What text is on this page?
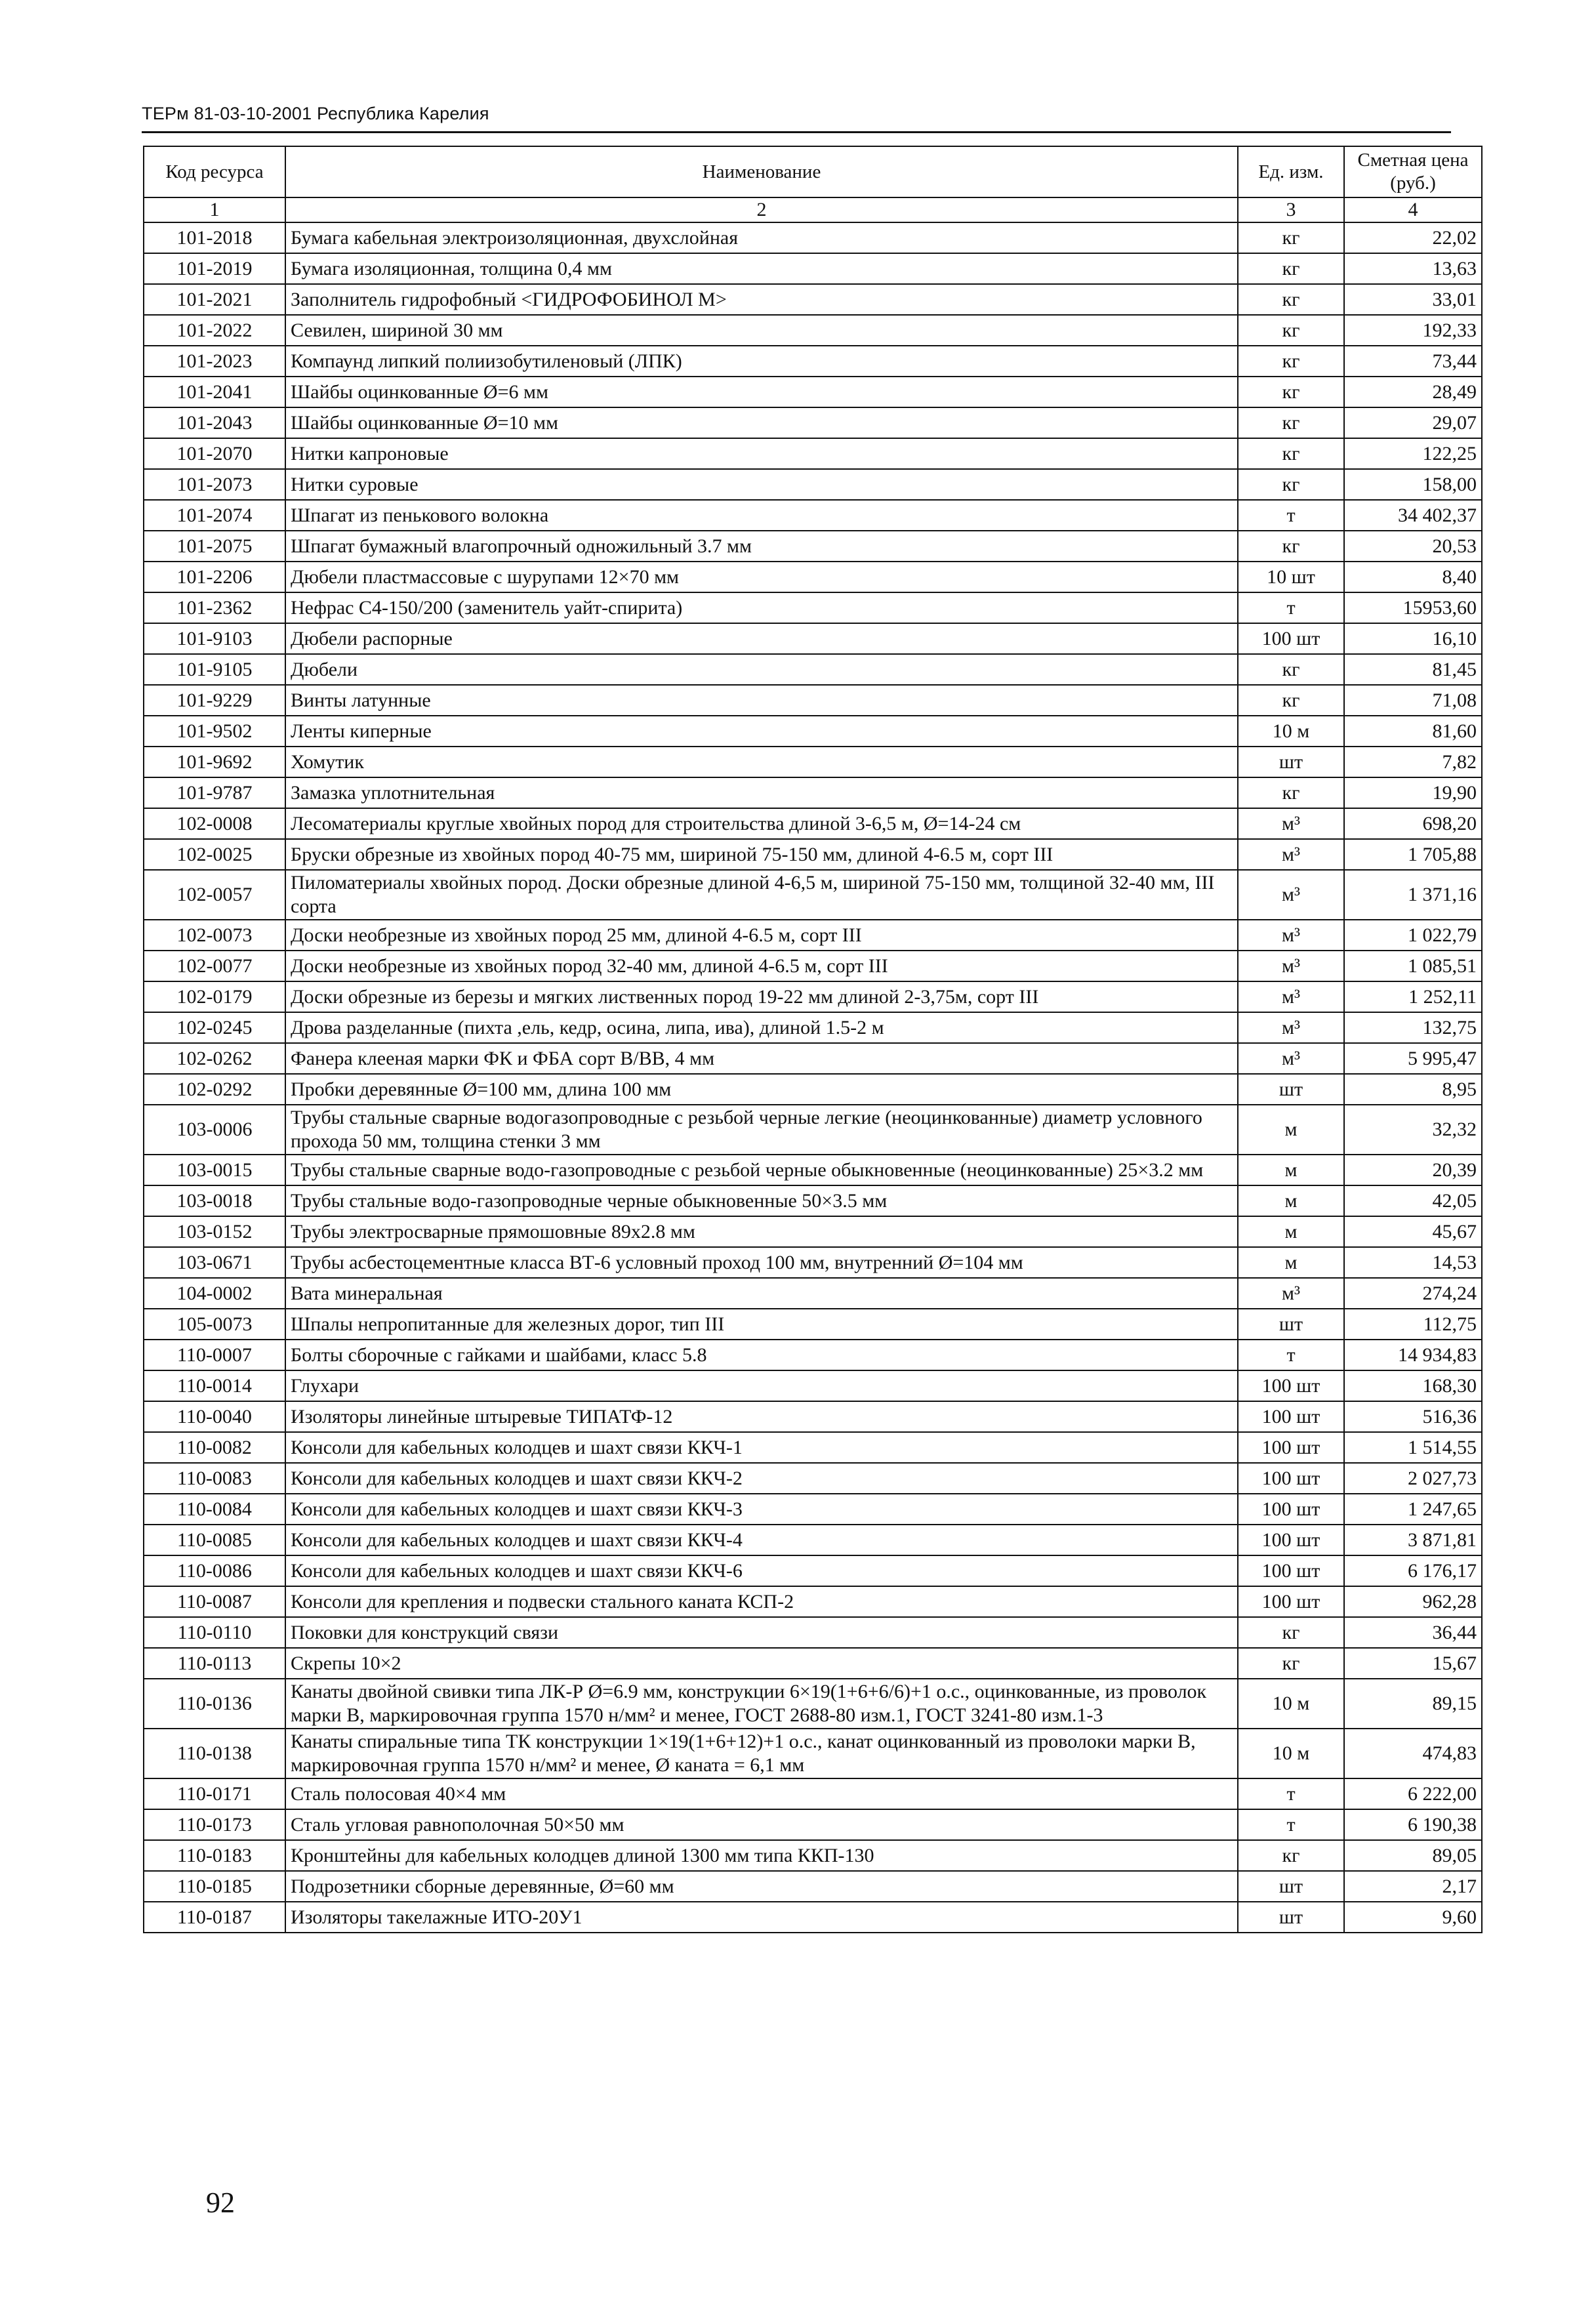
ТЕРм 81-03-10-2001 Республика Карелия
Код ресурса	Наименование	Ед. изм.	Сметная цена (руб.)
1	2	3	4
101-2018	Бумага кабельная электроизоляционная, двухслойная	кг	22,02
101-2019	Бумага изоляционная, толщина 0,4 мм	кг	13,63
101-2021	Заполнитель гидрофобный <ГИДРОФОБИНОЛ М>	кг	33,01
101-2022	Севилен, шириной 30 мм	кг	192,33
101-2023	Компаунд липкий полиизобутиленовый (ЛПК)	кг	73,44
101-2041	Шайбы оцинкованные Ø=6 мм	кг	28,49
101-2043	Шайбы оцинкованные Ø=10 мм	кг	29,07
101-2070	Нитки капроновые	кг	122,25
101-2073	Нитки суровые	кг	158,00
101-2074	Шпагат из пенькового волокна	т	34 402,37
101-2075	Шпагат бумажный влагопрочный одножильный 3.7 мм	кг	20,53
101-2206	Дюбели пластмассовые с шурупами 12×70 мм	10 шт	8,40
101-2362	Нефрас С4-150/200 (заменитель уайт-спирита)	т	15953,60
101-9103	Дюбели распорные	100 шт	16,10
101-9105	Дюбели	кг	81,45
101-9229	Винты латунные	кг	71,08
101-9502	Ленты киперные	10 м	81,60
101-9692	Хомутик	шт	7,82
101-9787	Замазка уплотнительная	кг	19,90
102-0008	Лесоматериалы круглые хвойных пород для строительства длиной 3-6,5 м, Ø=14-24 см	м³	698,20
102-0025	Бруски обрезные из хвойных пород 40-75 мм, шириной 75-150 мм, длиной 4-6.5 м, сорт III	м³	1 705,88
102-0057	Пиломатериалы хвойных пород. Доски обрезные длиной 4-6,5 м, шириной 75-150 мм, толщиной 32-40 мм, III сорта	м³	1 371,16
102-0073	Доски необрезные из хвойных пород 25 мм, длиной 4-6.5 м, сорт III	м³	1 022,79
102-0077	Доски необрезные из хвойных пород 32-40 мм, длиной 4-6.5 м, сорт III	м³	1 085,51
102-0179	Доски обрезные из березы и мягких лиственных пород 19-22 мм длиной 2-3,75м, сорт III	м³	1 252,11
102-0245	Дрова разделанные (пихта ,ель, кедр, осина, липа, ива), длиной 1.5-2 м	м³	132,75
102-0262	Фанера клееная марки ФК и ФБА сорт В/ВВ, 4 мм	м³	5 995,47
102-0292	Пробки деревянные Ø=100 мм, длина 100 мм	шт	8,95
103-0006	Трубы стальные сварные водогазопроводные с резьбой черные легкие (неоцинкованные) диаметр условного прохода 50 мм, толщина стенки 3 мм	м	32,32
103-0015	Трубы стальные сварные водо-газопроводные с резьбой черные обыкновенные (неоцинкованные) 25×3.2 мм	м	20,39
103-0018	Трубы стальные водо-газопроводные черные обыкновенные 50×3.5 мм	м	42,05
103-0152	Трубы электросварные прямошовные 89х2.8 мм	м	45,67
103-0671	Трубы асбестоцементные класса ВТ-6 условный проход 100 мм, внутренний Ø=104 мм	м	14,53
104-0002	Вата минеральная	м³	274,24
105-0073	Шпалы непропитанные для железных дорог, тип III	шт	112,75
110-0007	Болты сборочные с гайками и шайбами, класс 5.8	т	14 934,83
110-0014	Глухари	100 шт	168,30
110-0040	Изоляторы линейные штыревые ТИПАТФ-12	100 шт	516,36
110-0082	Консоли для кабельных колодцев и шахт связи ККЧ-1	100 шт	1 514,55
110-0083	Консоли для кабельных колодцев и шахт связи ККЧ-2	100 шт	2 027,73
110-0084	Консоли для кабельных колодцев и шахт связи ККЧ-3	100 шт	1 247,65
110-0085	Консоли для кабельных колодцев и шахт связи ККЧ-4	100 шт	3 871,81
110-0086	Консоли для кабельных колодцев и шахт связи ККЧ-6	100 шт	6 176,17
110-0087	Консоли для крепления и подвески стального каната КСП-2	100 шт	962,28
110-0110	Поковки для конструкций связи	кг	36,44
110-0113	Скрепы 10×2	кг	15,67
110-0136	Канаты двойной свивки типа ЛК-Р Ø=6.9 мм, конструкции 6×19(1+6+6/6)+1 о.с., оцинкованные, из проволок марки В, маркировочная группа 1570 н/мм² и менее, ГОСТ 2688-80 изм.1, ГОСТ 3241-80 изм.1-3	10 м	89,15
110-0138	Канаты спиральные типа ТК конструкции 1×19(1+6+12)+1 о.с., канат оцинкованный из проволоки марки В, маркировочная группа 1570 н/мм² и менее, Ø каната = 6,1 мм	10 м	474,83
110-0171	Сталь полосовая 40×4 мм	т	6 222,00
110-0173	Сталь угловая равнополочная 50×50 мм	т	6 190,38
110-0183	Кронштейны для кабельных колодцев длиной 1300 мм типа ККП-130	кг	89,05
110-0185	Подрозетники сборные деревянные, Ø=60 мм	шт	2,17
110-0187	Изоляторы такелажные ИТО-20У1	шт	9,60
92
